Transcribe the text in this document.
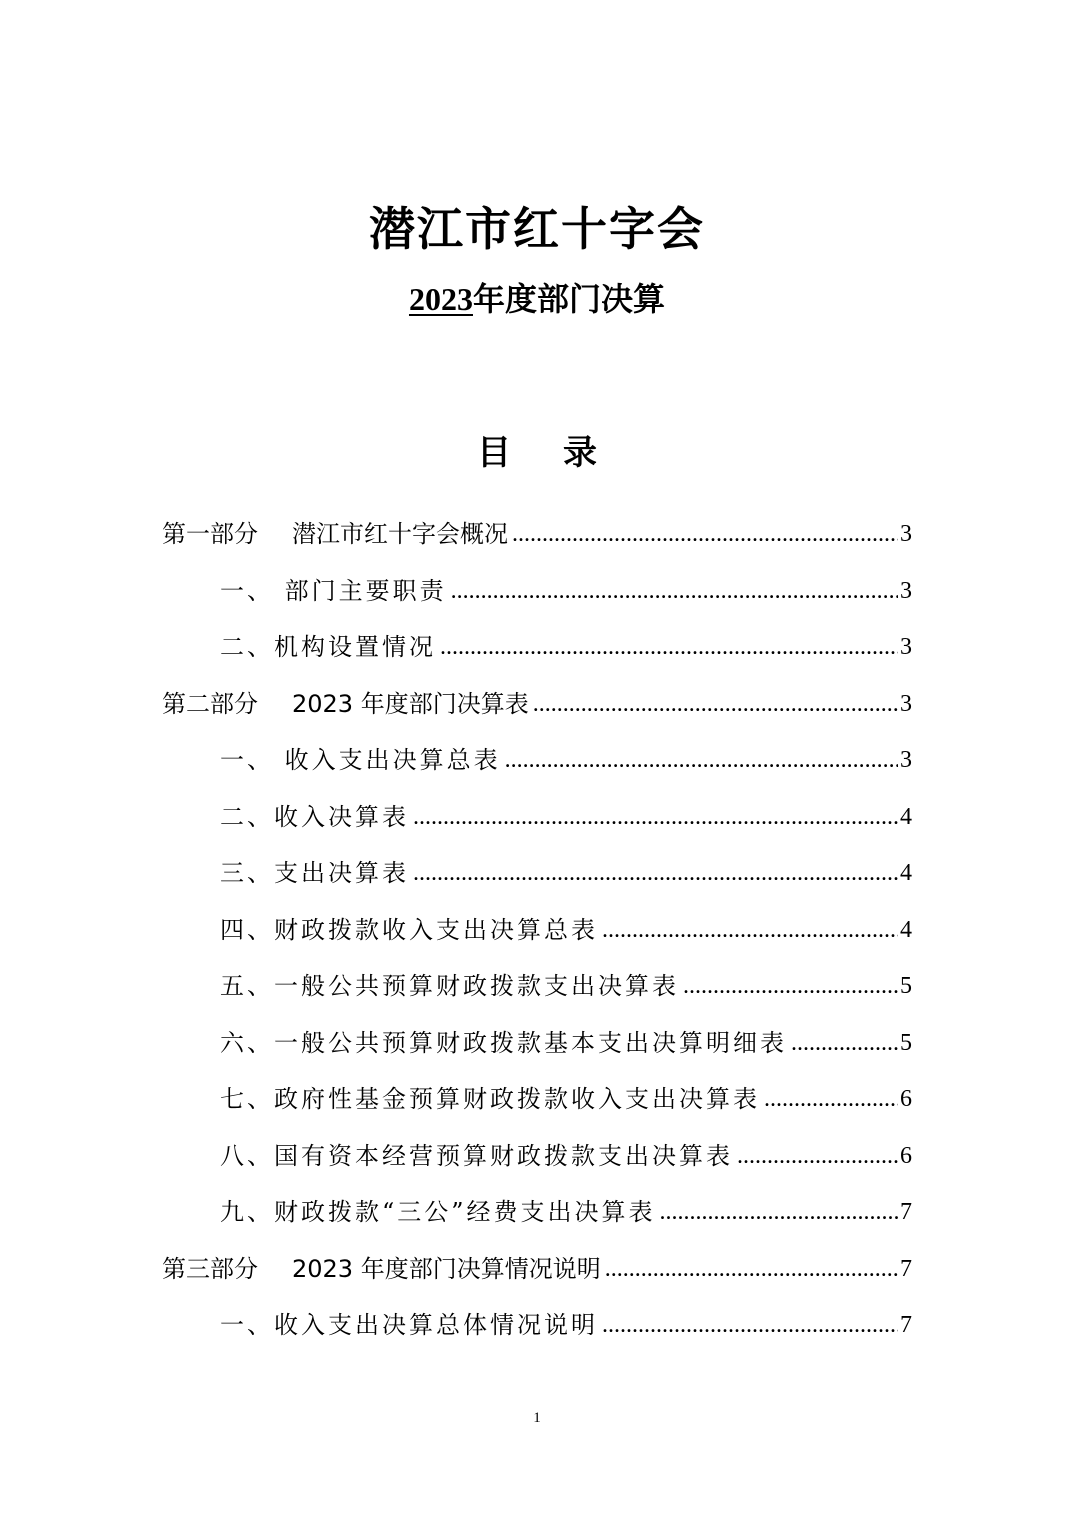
潜江市红十字会
2023年度部门决算
目 录
第一部分 潜江市红十字会概况 .....	3
一、 部门主要职责 .....	3
二、机构设置情况 .....	3
第二部分 2023 年度部门决算表 .....	3
一、 收入支出决算总表 .....	3
二、收入决算表 .....	4
三、支出决算表 .....	4
四、财政拨款收入支出决算总表 .....	4
五、一般公共预算财政拨款支出决算表 .....	5
六、一般公共预算财政拨款基本支出决算明细表 .....	5
七、政府性基金预算财政拨款收入支出决算表 .....	6
八、国有资本经营预算财政拨款支出决算表 .....	6
九、财政拨款“三公”经费支出决算表 .....	7
第三部分 2023 年度部门决算情况说明 .....	7
一、收入支出决算总体情况说明 .....	7
1
